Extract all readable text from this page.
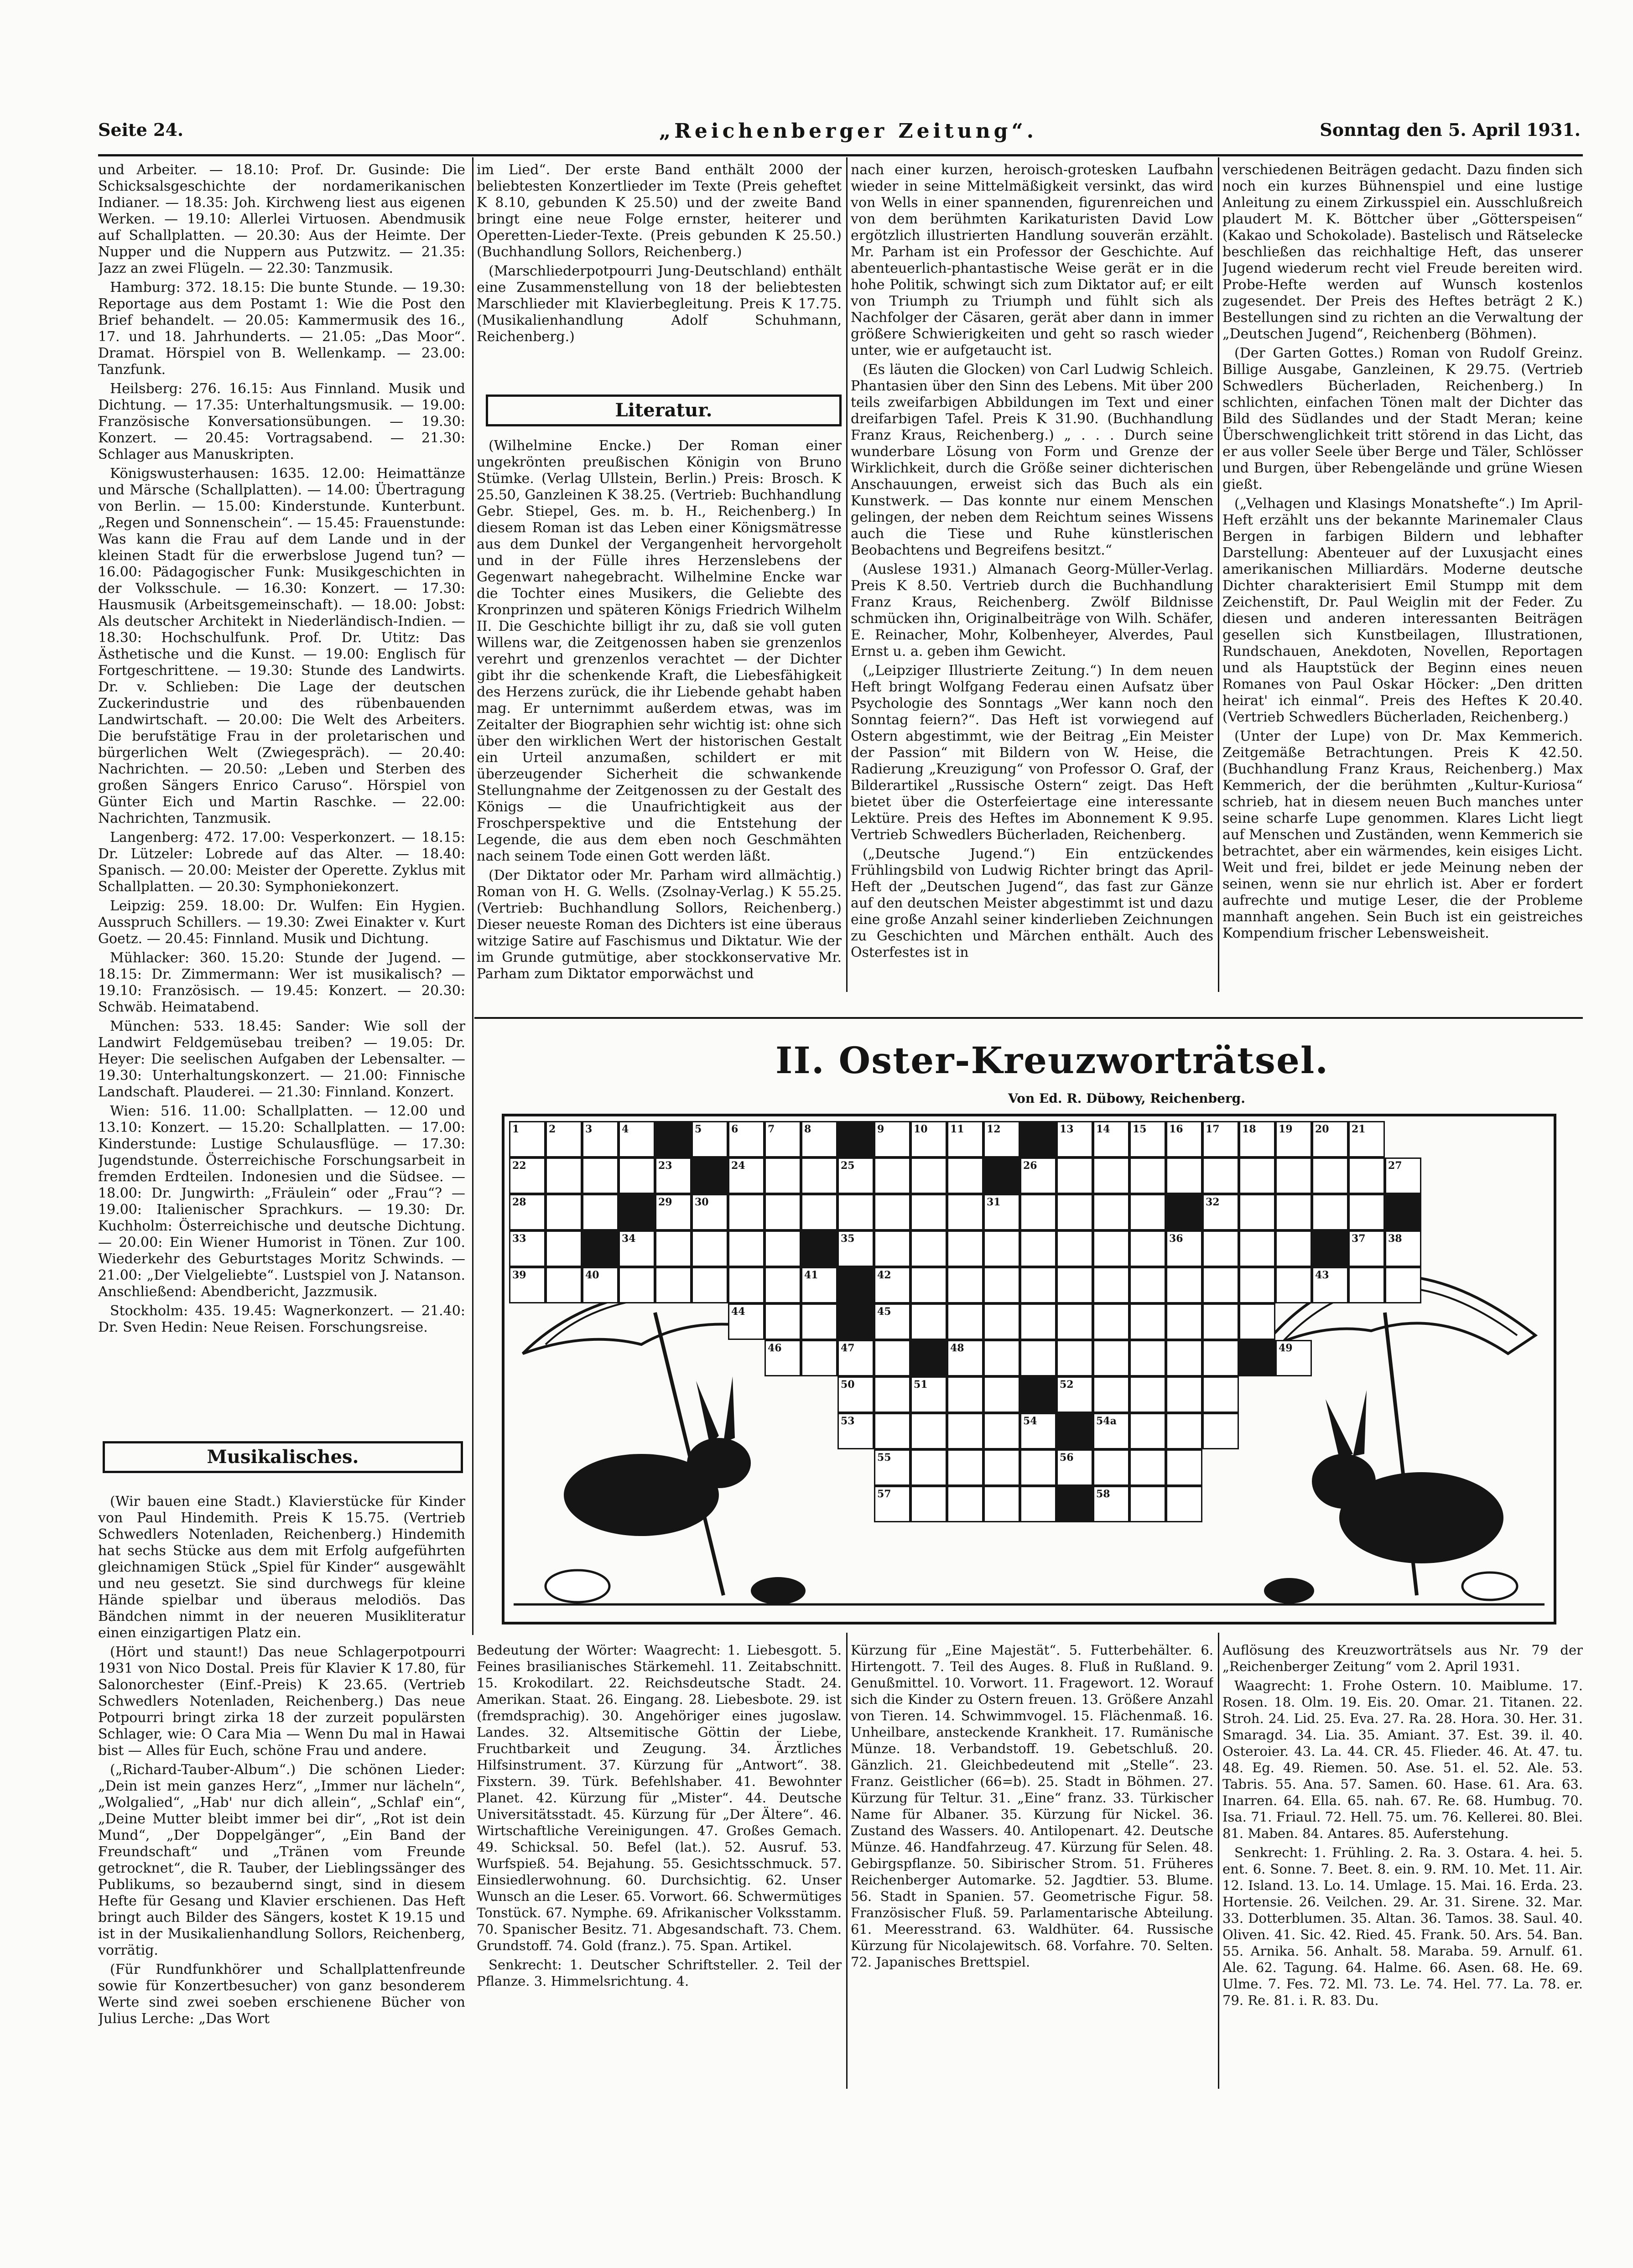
Seite 24.	„Reichenberger Zeitung“.	Sonntag den 5. April 1931.

und Arbeiter. — 18.10: Prof. Dr. Gusinde: Die Schicksalsgeschichte der nordamerikanischen Indianer. — 18.35: Joh. Kirchweng liest aus eigenen Werken. — 19.10: Allerlei Virtuosen. Abendmusik auf Schallplatten. — 20.30: Aus der Heimte. Der Nupper und die Nuppern aus Putzwitz. — 21.35: Jazz an zwei Flügeln. — 22.30: Tanzmusik.

Hamburg: 372. 18.15: Die bunte Stunde. — 19.30: Reportage aus dem Postamt 1: Wie die Post den Brief behandelt. — 20.05: Kammermusik des 16., 17. und 18. Jahrhunderts. — 21.05: „Das Moor“. Dramat. Hörspiel von B. Wellenkamp. — 23.00: Tanzfunk.

Heilsberg: 276. 16.15: Aus Finnland. Musik und Dichtung. — 17.35: Unterhaltungsmusik. — 19.00: Französische Konversationsübungen. — 19.30: Konzert. — 20.45: Vortragsabend. — 21.30: Schlager aus Manuskripten.

Königswusterhausen: 1635. 12.00: Heimattänze und Märsche (Schallplatten). — 14.00: Übertragung von Berlin. — 15.00: Kinderstunde. Kunterbunt. „Regen und Sonnenschein“. — 15.45: Frauenstunde: Was kann die Frau auf dem Lande und in der kleinen Stadt für die erwerbslose Jugend tun? — 16.00: Pädagogischer Funk: Musikgeschichten in der Volksschule. — 16.30: Konzert. — 17.30: Hausmusik (Arbeitsgemeinschaft). — 18.00: Jobst: Als deutscher Architekt in Niederländisch-Indien. — 18.30: Hochschulfunk. Prof. Dr. Utitz: Das Ästhetische und die Kunst. — 19.00: Englisch für Fortgeschrittene. — 19.30: Stunde des Landwirts. Dr. v. Schlieben: Die Lage der deutschen Zuckerindustrie und des rübenbauenden Landwirtschaft. — 20.00: Die Welt des Arbeiters. Die berufstätige Frau in der proletarischen und bürgerlichen Welt (Zwiegespräch). — 20.40: Nachrichten. — 20.50: „Leben und Sterben des großen Sängers Enrico Caruso“. Hörspiel von Günter Eich und Martin Raschke. — 22.00: Nachrichten, Tanzmusik.

Langenberg: 472. 17.00: Vesperkonzert. — 18.15: Dr. Lützeler: Lobrede auf das Alter. — 18.40: Spanisch. — 20.00: Meister der Operette. Zyklus mit Schallplatten. — 20.30: Symphoniekonzert.

Leipzig: 259. 18.00: Dr. Wulfen: Ein Hygien. Ausspruch Schillers. — 19.30: Zwei Einakter v. Kurt Goetz. — 20.45: Finnland. Musik und Dichtung.

Mühlacker: 360. 15.20: Stunde der Jugend. — 18.15: Dr. Zimmermann: Wer ist musikalisch? — 19.10: Französisch. — 19.45: Konzert. — 20.30: Schwäb. Heimatabend.

München: 533. 18.45: Sander: Wie soll der Landwirt Feldgemüsebau treiben? — 19.05: Dr. Heyer: Die seelischen Aufgaben der Lebensalter. — 19.30: Unterhaltungskonzert. — 21.00: Finnische Landschaft. Plauderei. — 21.30: Finnland. Konzert.

Wien: 516. 11.00: Schallplatten. — 12.00 und 13.10: Konzert. — 15.20: Schallplatten. — 17.00: Kinderstunde: Lustige Schulausflüge. — 17.30: Jugendstunde. Österreichische Forschungsarbeit in fremden Erdteilen. Indonesien und die Südsee. — 18.00: Dr. Jungwirth: „Fräulein“ oder „Frau“? — 19.00: Italienischer Sprachkurs. — 19.30: Dr. Kuchholm: Österreichische und deutsche Dichtung. — 20.00: Ein Wiener Humorist in Tönen. Zur 100. Wiederkehr des Geburtstages Moritz Schwinds. — 21.00: „Der Vielgeliebte“. Lustspiel von J. Natanson. Anschließend: Abendbericht, Jazzmusik.

Stockholm: 435. 19.45: Wagnerkonzert. — 21.40: Dr. Sven Hedin: Neue Reisen. Forschungsreise.

Musikalisches.

(Wir bauen eine Stadt.) Klavierstücke für Kinder von Paul Hindemith. Preis K 15.75. (Vertrieb Schwedlers Notenladen, Reichenberg.) Hindemith hat sechs Stücke aus dem mit Erfolg aufgeführten gleichnamigen Stück „Spiel für Kinder“ ausgewählt und neu gesetzt. Sie sind durchwegs für kleine Hände spielbar und überaus melodiös. Das Bändchen nimmt in der neueren Musikliteratur einen einzigartigen Platz ein.

(Hört und staunt!) Das neue Schlagerpotpourri 1931 von Nico Dostal. Preis für Klavier K 17.80, für Salonorchester (Einf.-Preis) K 23.65. (Vertrieb Schwedlers Notenladen, Reichenberg.) Das neue Potpourri bringt zirka 18 der zurzeit populärsten Schlager, wie: O Cara Mia — Wenn Du mal in Hawai bist — Alles für Euch, schöne Frau und andere.

(„Richard-Tauber-Album“.) Die schönen Lieder: „Dein ist mein ganzes Herz“, „Immer nur lächeln“, „Wolgalied“, „Hab' nur dich allein“, „Schlaf' ein“, „Deine Mutter bleibt immer bei dir“, „Rot ist dein Mund“, „Der Doppelgänger“, „Ein Band der Freundschaft“ und „Tränen vom Freunde getrocknet“, die R. Tauber, der Lieblingssänger des Publikums, so bezaubernd singt, sind in diesem Hefte für Gesang und Klavier erschienen. Das Heft bringt auch Bilder des Sängers, kostet K 19.15 und ist in der Musikalienhandlung Sollors, Reichenberg, vorrätig.

(Für Rundfunkhörer und Schallplattenfreunde sowie für Konzertbesucher) von ganz besonderem Werte sind zwei soeben erschienene Bücher von Julius Lerche: „Das Wort

im Lied“. Der erste Band enthält 2000 der beliebtesten Konzertlieder im Texte (Preis geheftet K 8.10, gebunden K 25.50) und der zweite Band bringt eine neue Folge ernster, heiterer und Operetten-Lieder-Texte. (Preis gebunden K 25.50.) (Buchhandlung Sollors, Reichenberg.)

(Marschliederpotpourri Jung-Deutschland) enthält eine Zusammenstellung von 18 der beliebtesten Marschlieder mit Klavierbegleitung. Preis K 17.75. (Musikalienhandlung Adolf Schuhmann, Reichenberg.)

Literatur.

(Wilhelmine Encke.) Der Roman einer ungekrönten preußischen Königin von Bruno Stümke. (Verlag Ullstein, Berlin.) Preis: Brosch. K 25.50, Ganzleinen K 38.25. (Vertrieb: Buchhandlung Gebr. Stiepel, Ges. m. b. H., Reichenberg.) In diesem Roman ist das Leben einer Königsmätresse aus dem Dunkel der Vergangenheit hervorgeholt und in der Fülle ihres Herzenslebens der Gegenwart nahegebracht. Wilhelmine Encke war die Tochter eines Musikers, die Geliebte des Kronprinzen und späteren Königs Friedrich Wilhelm II. Die Geschichte billigt ihr zu, daß sie voll guten Willens war, die Zeitgenossen haben sie grenzenlos verehrt und grenzenlos verachtet — der Dichter gibt ihr die schenkende Kraft, die Liebesfähigkeit des Herzens zurück, die ihr Liebende gehabt haben mag. Er unternimmt außerdem etwas, was im Zeitalter der Biographien sehr wichtig ist: ohne sich über den wirklichen Wert der historischen Gestalt ein Urteil anzumaßen, schildert er mit überzeugender Sicherheit die schwankende Stellungnahme der Zeitgenossen zu der Gestalt des Königs — die Unaufrichtigkeit aus der Froschperspektive und die Entstehung der Legende, die aus dem eben noch Geschmähten nach seinem Tode einen Gott werden läßt.

(Der Diktator oder Mr. Parham wird allmächtig.) Roman von H. G. Wells. (Zsolnay-Verlag.) K 55.25. (Vertrieb: Buchhandlung Sollors, Reichenberg.) Dieser neueste Roman des Dichters ist eine überaus witzige Satire auf Faschismus und Diktatur. Wie der im Grunde gutmütige, aber stockkonservative Mr. Parham zum Diktator emporwächst und

nach einer kurzen, heroisch-grotesken Laufbahn wieder in seine Mittelmäßigkeit versinkt, das wird von Wells in einer spannenden, figurenreichen und von dem berühmten Karikaturisten David Low ergötzlich illustrierten Handlung souverän erzählt. Mr. Parham ist ein Professor der Geschichte. Auf abenteuerlich-phantastische Weise gerät er in die hohe Politik, schwingt sich zum Diktator auf; er eilt von Triumph zu Triumph und fühlt sich als Nachfolger der Cäsaren, gerät aber dann in immer größere Schwierigkeiten und geht so rasch wieder unter, wie er aufgetaucht ist.

(Es läuten die Glocken) von Carl Ludwig Schleich. Phantasien über den Sinn des Lebens. Mit über 200 teils zweifarbigen Abbildungen im Text und einer dreifarbigen Tafel. Preis K 31.90. (Buchhandlung Franz Kraus, Reichenberg.) „ . . . Durch seine wunderbare Lösung von Form und Grenze der Wirklichkeit, durch die Größe seiner dichterischen Anschauungen, erweist sich das Buch als ein Kunstwerk. — Das konnte nur einem Menschen gelingen, der neben dem Reichtum seines Wissens auch die Tiese und Ruhe künstlerischen Beobachtens und Begreifens besitzt.“

(Auslese 1931.) Almanach Georg-Müller-Verlag. Preis K 8.50. Vertrieb durch die Buchhandlung Franz Kraus, Reichenberg. Zwölf Bildnisse schmücken ihn, Originalbeiträge von Wilh. Schäfer, E. Reinacher, Mohr, Kolbenheyer, Alverdes, Paul Ernst u. a. geben ihm Gewicht.

(„Leipziger Illustrierte Zeitung.“) In dem neuen Heft bringt Wolfgang Federau einen Aufsatz über Psychologie des Sonntags „Wer kann noch den Sonntag feiern?“. Das Heft ist vorwiegend auf Ostern abgestimmt, wie der Beitrag „Ein Meister der Passion“ mit Bildern von W. Heise, die Radierung „Kreuzigung“ von Professor O. Graf, der Bilderartikel „Russische Ostern“ zeigt. Das Heft bietet über die Osterfeiertage eine interessante Lektüre. Preis des Heftes im Abonnement K 9.95. Vertrieb Schwedlers Bücherladen, Reichenberg.

(„Deutsche Jugend.“) Ein entzückendes Frühlingsbild von Ludwig Richter bringt das April-Heft der „Deutschen Jugend“, das fast zur Gänze auf den deutschen Meister abgestimmt ist und dazu eine große Anzahl seiner kinderlieben Zeichnungen zu Geschichten und Märchen enthält. Auch des Osterfestes ist in

verschiedenen Beiträgen gedacht. Dazu finden sich noch ein kurzes Bühnenspiel und eine lustige Anleitung zu einem Zirkusspiel ein. Ausschlußreich plaudert M. K. Böttcher über „Götterspeisen“ (Kakao und Schokolade). Bastelisch und Rätselecke beschließen das reichhaltige Heft, das unserer Jugend wiederum recht viel Freude bereiten wird. Probe-Hefte werden auf Wunsch kostenlos zugesendet. Der Preis des Heftes beträgt 2 K.) Bestellungen sind zu richten an die Verwaltung der „Deutschen Jugend“, Reichenberg (Böhmen).

(Der Garten Gottes.) Roman von Rudolf Greinz. Billige Ausgabe, Ganzleinen, K 29.75. (Vertrieb Schwedlers Bücherladen, Reichenberg.) In schlichten, einfachen Tönen malt der Dichter das Bild des Südlandes und der Stadt Meran; keine Überschwenglichkeit tritt störend in das Licht, das er aus voller Seele über Berge und Täler, Schlösser und Burgen, über Rebengelände und grüne Wiesen gießt.

(„Velhagen und Klasings Monatshefte“.) Im April-Heft erzählt uns der bekannte Marinemaler Claus Bergen in farbigen Bildern und lebhafter Darstellung: Abenteuer auf der Luxusjacht eines amerikanischen Milliardärs. Moderne deutsche Dichter charakterisiert Emil Stumpp mit dem Zeichenstift, Dr. Paul Weiglin mit der Feder. Zu diesen und anderen interessanten Beiträgen gesellen sich Kunstbeilagen, Illustrationen, Rundschauen, Anekdoten, Novellen, Reportagen und als Hauptstück der Beginn eines neuen Romanes von Paul Oskar Höcker: „Den dritten heirat' ich einmal“. Preis des Heftes K 20.40. (Vertrieb Schwedlers Bücherladen, Reichenberg.)

(Unter der Lupe) von Dr. Max Kemmerich. Zeitgemäße Betrachtungen. Preis K 42.50. (Buchhandlung Franz Kraus, Reichenberg.) Max Kemmerich, der die berühmten „Kultur-Kuriosa“ schrieb, hat in diesem neuen Buch manches unter seine scharfe Lupe genommen. Klares Licht liegt auf Menschen und Zuständen, wenn Kemmerich sie betrachtet, aber ein wärmendes, kein eisiges Licht. Weit und frei, bildet er jede Meinung neben der seinen, wenn sie nur ehrlich ist. Aber er fordert aufrechte und mutige Leser, die der Probleme mannhaft angehen. Sein Buch ist ein geistreiches Kompendium frischer Lebensweisheit.

II. Oster-Kreuzworträtsel.
Von Ed. R. Dübowy, Reichenberg.
1	2	3	4	5	6	7	8	9	10	11	12	13	14	15	16	17	18	19	20	21
22	23	24	25	26	27
28	29	30	31	32
33	34	35	36	37	38
39	40	41	42	43
44	45
46	47	48	49
50	51	52
53	54	54a
55	56
57	58

Bedeutung der Wörter: Waagrecht: 1. Liebesgott. 5. Feines brasilianisches Stärkemehl. 11. Zeitabschnitt. 15. Krokodilart. 22. Reichsdeutsche Stadt. 24. Amerikan. Staat. 26. Eingang. 28. Liebesbote. 29. ist (fremdsprachig). 30. Angehöriger eines jugoslaw. Landes. 32. Altsemitische Göttin der Liebe, Fruchtbarkeit und Zeugung. 34. Ärztliches Hilfsinstrument. 37. Kürzung für „Antwort“. 38. Fixstern. 39. Türk. Befehlshaber. 41. Bewohnter Planet. 42. Kürzung für „Mister“. 44. Deutsche Universitätsstadt. 45. Kürzung für „Der Ältere“. 46. Wirtschaftliche Vereinigungen. 47. Großes Gemach. 49. Schicksal. 50. Befel (lat.). 52. Ausruf. 53. Wurfspieß. 54. Bejahung. 55. Gesichtsschmuck. 57. Einsiedlerwohnung. 60. Durchsichtig. 62. Unser Wunsch an die Leser. 65. Vorwort. 66. Schwermütiges Tonstück. 67. Nymphe. 69. Afrikanischer Volksstamm. 70. Spanischer Besitz. 71. Abgesandschaft. 73. Chem. Grundstoff. 74. Gold (franz.). 75. Span. Artikel.

Senkrecht: 1. Deutscher Schriftsteller. 2. Teil der Pflanze. 3. Himmelsrichtung. 4.

Kürzung für „Eine Majestät“. 5. Futterbehälter. 6. Hirtengott. 7. Teil des Auges. 8. Fluß in Rußland. 9. Genußmittel. 10. Vorwort. 11. Fragewort. 12. Worauf sich die Kinder zu Ostern freuen. 13. Größere Anzahl von Tieren. 14. Schwimmvogel. 15. Flächenmaß. 16. Unheilbare, ansteckende Krankheit. 17. Rumänische Münze. 18. Verbandstoff. 19. Gebetschluß. 20. Gänzlich. 21. Gleichbedeutend mit „Stelle“. 23. Franz. Geistlicher (66=b). 25. Stadt in Böhmen. 27. Kürzung für Teltur. 31. „Eine“ franz. 33. Türkischer Name für Albaner. 35. Kürzung für Nickel. 36. Zustand des Wassers. 40. Antilopenart. 42. Deutsche Münze. 46. Handfahrzeug. 47. Kürzung für Selen. 48. Gebirgspflanze. 50. Sibirischer Strom. 51. Früheres Reichenberger Automarke. 52. Jagdtier. 53. Blume. 56. Stadt in Spanien. 57. Geometrische Figur. 58. Französischer Fluß. 59. Parlamentarische Abteilung. 61. Meeresstrand. 63. Waldhüter. 64. Russische Kürzung für Nicolajewitsch. 68. Vorfahre. 70. Selten. 72. Japanisches Brettspiel.

Auflösung des Kreuzworträtsels aus Nr. 79 der „Reichenberger Zeitung“ vom 2. April 1931.

Waagrecht: 1. Frohe Ostern. 10. Maiblume. 17. Rosen. 18. Olm. 19. Eis. 20. Omar. 21. Titanen. 22. Stroh. 24. Lid. 25. Eva. 27. Ra. 28. Hora. 30. Her. 31. Smaragd. 34. Lia. 35. Amiant. 37. Est. 39. il. 40. Osteroier. 43. La. 44. CR. 45. Flieder. 46. At. 47. tu. 48. Eg. 49. Riemen. 50. Ase. 51. el. 52. Ale. 53. Tabris. 55. Ana. 57. Samen. 60. Hase. 61. Ara. 63. Inarren. 64. Ella. 65. nah. 67. Re. 68. Humbug. 70. Isa. 71. Friaul. 72. Hell. 75. um. 76. Kellerei. 80. Blei. 81. Maben. 84. Antares. 85. Auferstehung.

Senkrecht: 1. Frühling. 2. Ra. 3. Ostara. 4. hei. 5. ent. 6. Sonne. 7. Beet. 8. ein. 9. RM. 10. Met. 11. Air. 12. Island. 13. Lo. 14. Umlage. 15. Mai. 16. Erda. 23. Hortensie. 26. Veilchen. 29. Ar. 31. Sirene. 32. Mar. 33. Dotterblumen. 35. Altan. 36. Tamos. 38. Saul. 40. Oliven. 41. Sic. 42. Ried. 45. Frank. 50. Ars. 54. Ban. 55. Arnika. 56. Anhalt. 58. Maraba. 59. Arnulf. 61. Ale. 62. Tagung. 64. Halme. 66. Asen. 68. He. 69. Ulme. 7. Fes. 72. Ml. 73. Le. 74. Hel. 77. La. 78. er. 79. Re. 81. i. R. 83. Du.
